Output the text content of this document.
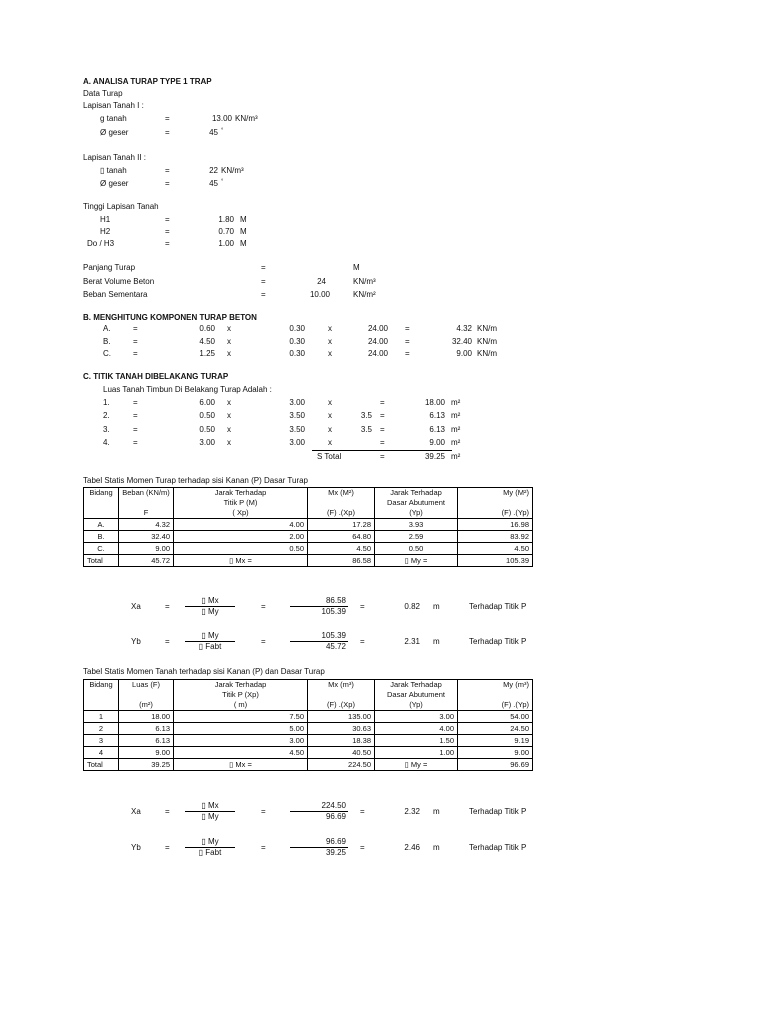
A. ANALISA TURAP TYPE 1 TRAP
Data Turap
Lapisan Tanah I :
g tanah	=	13.00 KN/m³
Ø geser	=	45 °
Lapisan Tanah II :
▯ tanah	=	22 KN/m³
Ø geser	=	45 °
Tinggi Lapisan Tanah
H1	=	1.80 M
H2	=	0.70 M
Do / H3	=	1.00 M
Panjang Turap	=	M
Berat Volume Beton	=	24	KN/m³
Beban Sementara	=	10.00	KN/m²
B. MENGHITUNG KOMPONEN TURAP BETON
A.	=	0.60 x	0.30	x	24.00 =	4.32 KN/m
B.	=	4.50 x	0.30	x	24.00 =	32.40 KN/m
C.	=	1.25 x	0.30	x	24.00 =	9.00 KN/m
C. TITIK TANAH DIBELAKANG TURAP
Luas Tanah Timbun Di Belakang Turap Adalah :
1.	=	6.00 x	3.00	x	=	18.00 m²
2.	=	0.50 x	3.50	x	3.5 =	6.13 m²
3.	=	0.50 x	3.50	x	3.5 =	6.13 m²
4.	=	3.00 x	3.00	x	=	9.00 m²
S Total	=	39.25 m²
Tabel Statis Momen Turap terhadap sisi Kanan (P) Dasar Turap
Bidang	Beban (KN/m)	Jarak Terhadap	Mx (M²)	Jarak Terhadap	My (M²)
		Titik P (M)		Dasar Abutument	
	F	( Xp)	(F) .(Xp)	(Yp)	(F) .(Yp)
A.	4.32	4.00	17.28	3.93	16.98
B.	32.40	2.00	64.80	2.59	83.92
C.	9.00	0.50	4.50	0.50	4.50
Total	45.72	▯ Mx =	86.58	▯ My =	105.39
Xa	=
▯ Mx
▯ My
=
86.58
105.39
=	0.82 m	Terhadap Titik P
Yb	=
▯ My
▯ Fabt
=
105.39
45.72
=	2.31 m	Terhadap Titik P
Tabel Statis Momen Tanah terhadap sisi Kanan (P) dan Dasar Turap
Bidang	Luas (F)	Jarak Terhadap	Mx (m³)	Jarak Terhadap	My (m³)
		Titik P (Xp)		Dasar Abutument	
	(m²)	( m)	(F) .(Xp)	(Yp)	(F) .(Yp)
1	18.00	7.50	135.00	3.00	54.00
2	6.13	5.00	30.63	4.00	24.50
3	6.13	3.00	18.38	1.50	9.19
4	9.00	4.50	40.50	1.00	9.00
Total	39.25	▯ Mx =	224.50	▯ My =	96.69
Xa	=
▯ Mx
▯ My
=
224.50
96.69
=	2.32 m	Terhadap Titik P
Yb	=
▯ My
▯ Fabt
=
96.69
39.25
=	2.46 m	Terhadap Titik P
